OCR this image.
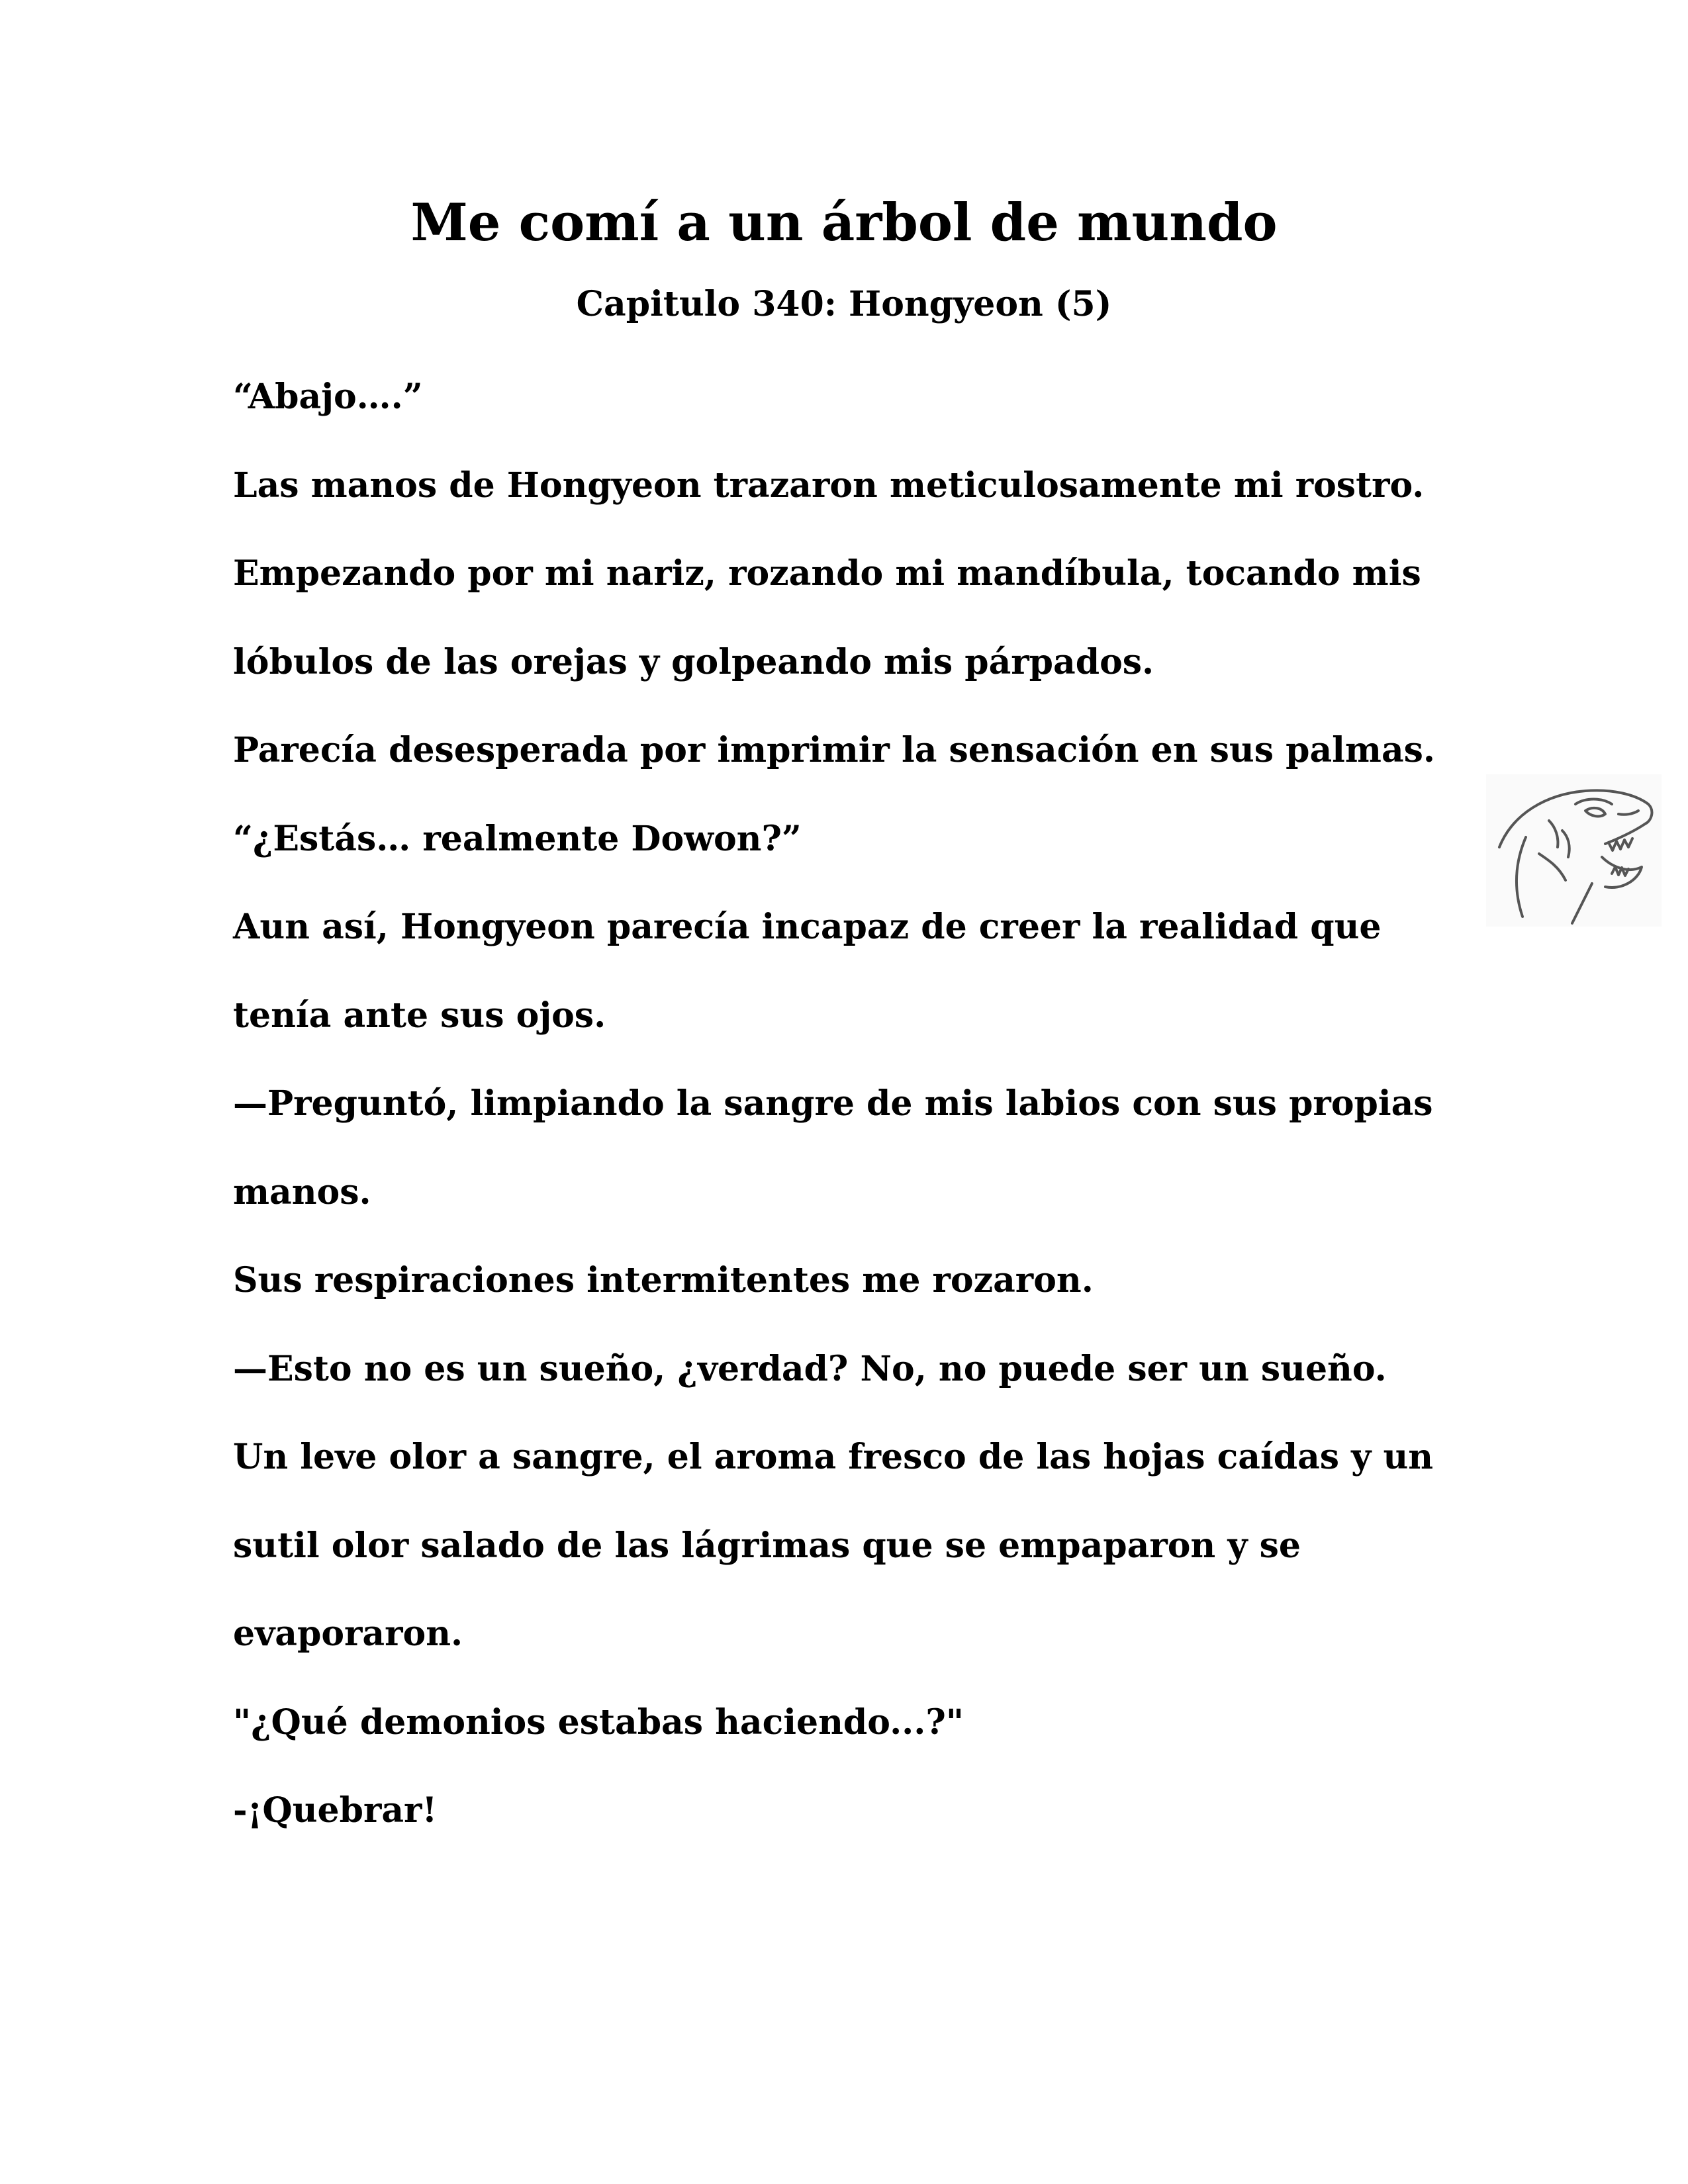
Me comí a un árbol de mundo
Capitulo 340: Hongyeon (5)

“Abajo….”

Las manos de Hongyeon trazaron meticulosamente mi rostro.

Empezando por mi nariz, rozando mi mandíbula, tocando mis

lóbulos de las orejas y golpeando mis párpados.

Parecía desesperada por imprimir la sensación en sus palmas.

“¿Estás… realmente Dowon?”

Aun así, Hongyeon parecía incapaz de creer la realidad que

tenía ante sus ojos.

—Preguntó, limpiando la sangre de mis labios con sus propias

manos.

Sus respiraciones intermitentes me rozaron.

—Esto no es un sueño, ¿verdad? No, no puede ser un sueño.

Un leve olor a sangre, el aroma fresco de las hojas caídas y un

sutil olor salado de las lágrimas que se empaparon y se

evaporaron.

"¿Qué demonios estabas haciendo...?"

-¡Quebrar!
